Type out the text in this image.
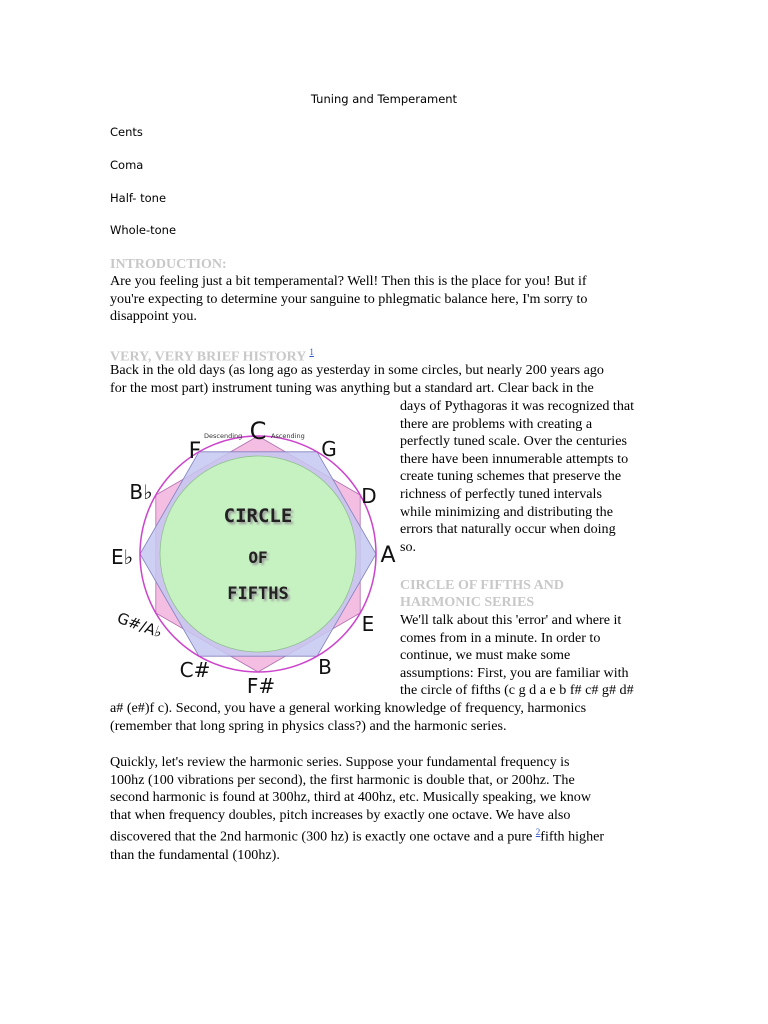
Tuning and Temperament
Cents
Coma
Half- tone
Whole-tone
INTRODUCTION:
Are you feeling just a bit temperamental? Well! Then this is the place for you! But if
you're expecting to determine your sanguine to phlegmatic balance here, I'm sorry to
disappoint you.
VERY, VERY BRIEF HISTORY $^1$
Back in the old days (as long ago as yesterday in some circles, but nearly 200 years ago
for the most part) instrument tuning was anything but a standard art. Clear back in the
days of Pythagoras it was recognized that
there are problems with creating a
perfectly tuned scale. Over the centuries
there have been innumerable attempts to
create tuning schemes that preserve the
richness of perfectly tuned intervals
while minimizing and distributing the
errors that naturally occur when doing
so.
CIRCLE OF FIFTHS AND
HARMONIC SERIES
We'll talk about this 'error' and where it
comes from in a minute. In order to
continue, we must make some
assumptions: First, you are familiar with
the circle of fifths (c g d a e b f# c# g# d#
a# (e#)f c). Second, you have a general working knowledge of frequency, harmonics
(remember that long spring in physics class?) and the harmonic series.
Quickly, let's review the harmonic series. Suppose your fundamental frequency is
100hz (100 vibrations per second), the first harmonic is double that, or 200hz. The
second harmonic is found at 300hz, third at 400hz, etc. Musically speaking, we know
that when frequency doubles, pitch increases by exactly one octave. We have also
discovered that the 2nd harmonic (300 hz) is exactly one octave and a pure $^2$fifth higher
than the fundamental (100hz).
Descending	Ascending
CIRCLE
OF
FIFTHS
C
G
D
A
E
B
F#
C#
G#/A♭
E♭
B♭
F
